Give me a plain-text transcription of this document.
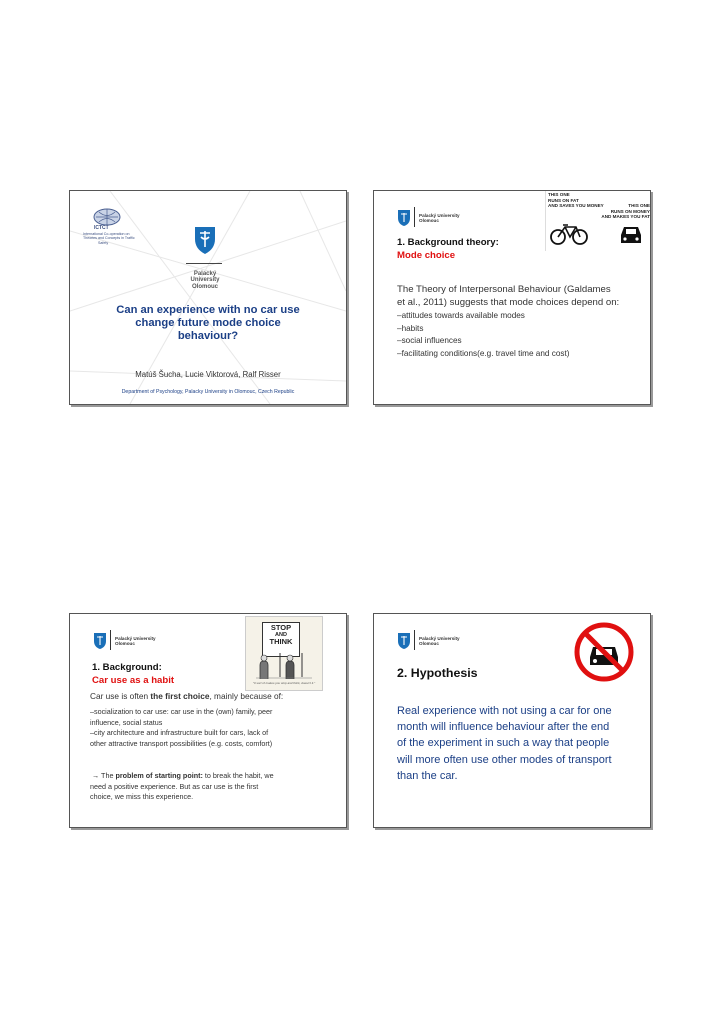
ICTCT
International Co-operation on
Theories and Concepts in Traffic
Safety
Palacký University
Olomouc
Can an experience with no car use
change future mode choice
behaviour?
Matúš Šucha, Lucie Viktorová, Ralf Risser
Department of Psychology, Palacky University in Olomouc, Czech Republic
Palacký University
Olomouc
THIS ONE
RUNS ON FAT
AND SAVES YOU MONEY	THIS ONE
RUNS ON MONEY
AND MAKES YOU FAT
1. Background theory:
Mode choice
The Theory of Interpersonal Behaviour (Galdames
et al., 2011) suggests that mode choices depend on:
–attitudes towards available modes
–habits
–social influences
–facilitating conditions(e.g. travel time and cost)
Palacký University
Olomouc
STOP
AND
THINK
"It sort of makes you stop and think, doesn't it."
1. Background:
Car use as a habit
Car use is often the first choice, mainly because of:
–socialization to car use: car use in the (own) family, peer
influence, social status
–city architecture and infrastructure built for cars, lack of
other attractive transport possibilities (e.g. costs, comfort)
→ The problem of starting point: to break the habit, we
need a positive experience. But as car use is the first
choice, we miss this experience.
Palacký University
Olomouc
2. Hypothesis
Real experience with not using a car for one
month will influence behaviour after the end
of the experiment in such a way that people
will more often use other modes of transport
than the car.
